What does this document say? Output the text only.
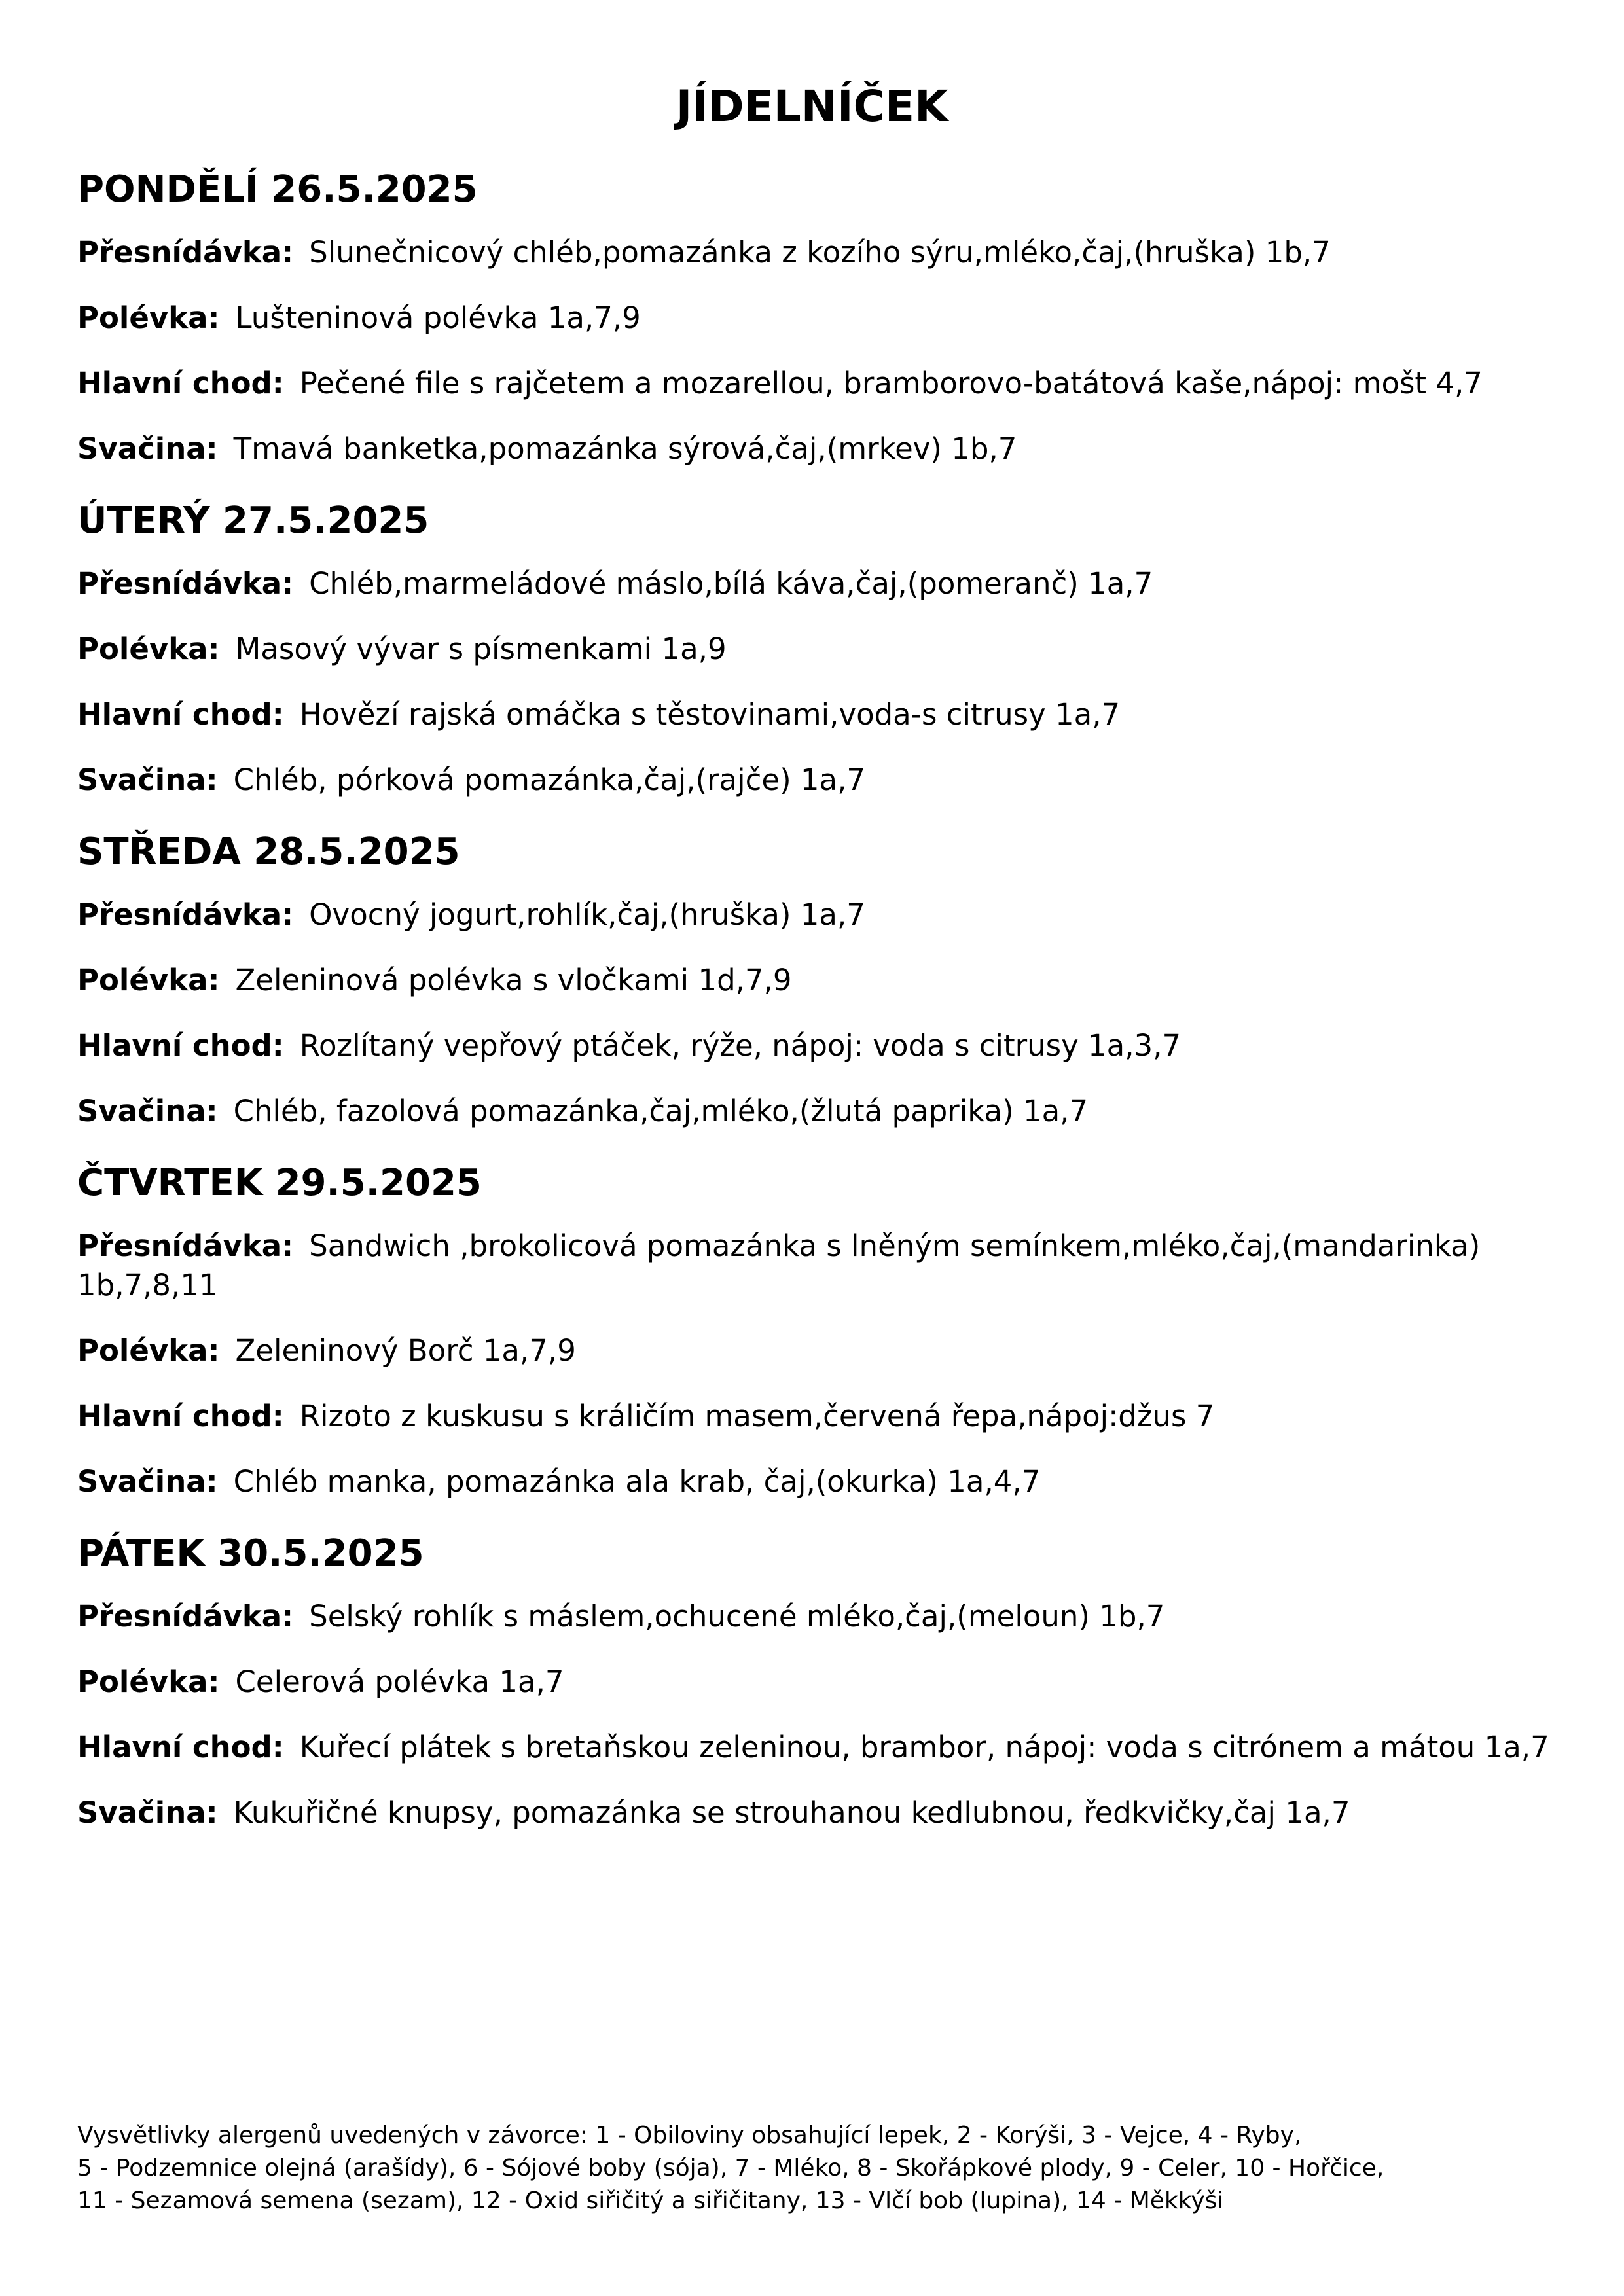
JÍDELNÍČEK
PONDĚLÍ 26.5.2025

Přesnídávka: Slunečnicový chléb,pomazánka z kozího sýru,mléko,čaj,(hruška) 1b,7

Polévka: Lušteninová polévka 1a,7,9

Hlavní chod: Pečené file s rajčetem a mozarellou, bramborovo-batátová kaše,nápoj: mošt 4,7

Svačina: Tmavá banketka,pomazánka sýrová,čaj,(mrkev) 1b,7

ÚTERÝ 27.5.2025

Přesnídávka: Chléb,marmeládové máslo,bílá káva,čaj,(pomeranč) 1a,7

Polévka: Masový vývar s písmenkami 1a,9

Hlavní chod: Hovězí rajská omáčka s těstovinami,voda-s citrusy 1a,7

Svačina: Chléb, pórková pomazánka,čaj,(rajče) 1a,7

STŘEDA 28.5.2025

Přesnídávka: Ovocný jogurt,rohlík,čaj,(hruška) 1a,7

Polévka: Zeleninová polévka s vločkami 1d,7,9

Hlavní chod: Rozlítaný vepřový ptáček, rýže, nápoj: voda s citrusy 1a,3,7

Svačina: Chléb, fazolová pomazánka,čaj,mléko,(žlutá paprika) 1a,7

ČTVRTEK 29.5.2025

Přesnídávka: Sandwich ,brokolicová pomazánka s lněným semínkem,mléko,čaj,(mandarinka) 1b,7,8,11

Polévka: Zeleninový Borč 1a,7,9

Hlavní chod: Rizoto z kuskusu s králičím masem,červená řepa,nápoj:džus 7

Svačina: Chléb manka, pomazánka ala krab, čaj,(okurka) 1a,4,7

PÁTEK 30.5.2025

Přesnídávka: Selský rohlík s máslem,ochucené mléko,čaj,(meloun) 1b,7

Polévka: Celerová polévka 1a,7

Hlavní chod: Kuřecí plátek s bretaňskou zeleninou, brambor, nápoj: voda s citrónem a mátou 1a,7

Svačina: Kukuřičné knupsy, pomazánka se strouhanou kedlubnou, ředkvičky,čaj 1a,7

Vysvětlivky alergenů uvedených v závorce: 1 - Obiloviny obsahující lepek, 2 - Korýši, 3 - Vejce, 4 - Ryby,
5 - Podzemnice olejná (arašídy), 6 - Sójové boby (sója), 7 - Mléko, 8 - Skořápkové plody, 9 - Celer, 10 - Hořčice,
11 - Sezamová semena (sezam), 12 - Oxid siřičitý a siřičitany, 13 - Vlčí bob (lupina), 14 - Měkkýši
